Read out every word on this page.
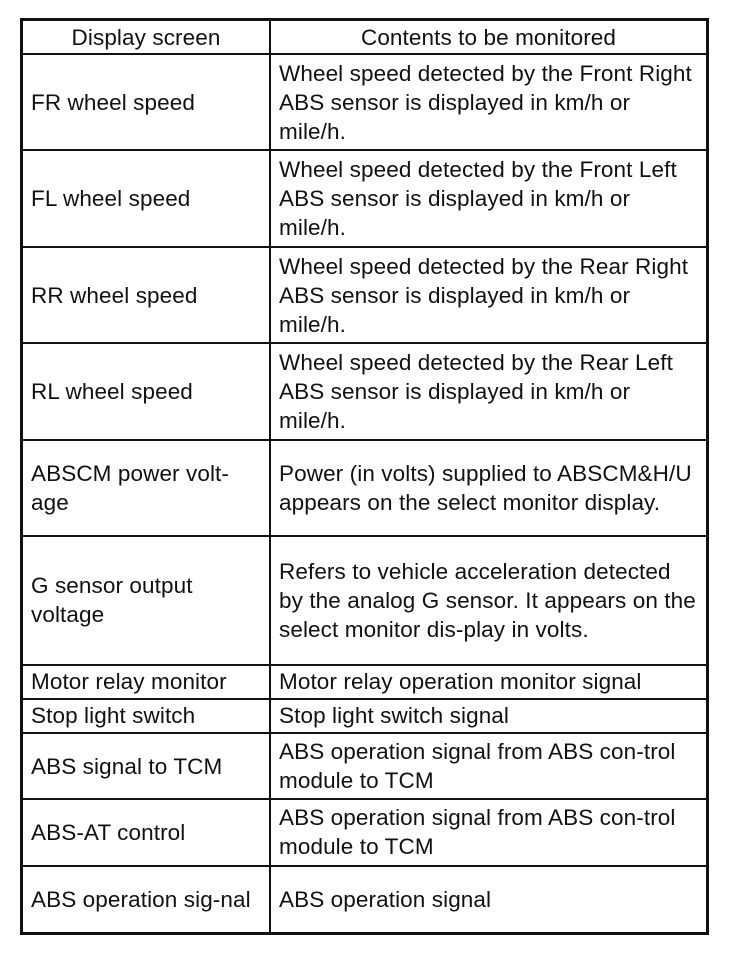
Display screen	Contents to be monitored
FR wheel speed	Wheel speed detected by the Front Right ABS sensor is displayed in km/h or mile/h.
FL wheel speed	Wheel speed detected by the Front Left ABS sensor is displayed in km/h or mile/h.
RR wheel speed	Wheel speed detected by the Rear Right ABS sensor is displayed in km/h or mile/h.
RL wheel speed	Wheel speed detected by the Rear Left ABS sensor is displayed in km/h or mile/h.
ABSCM power volt-age	Power (in volts) supplied to ABSCM&H/U appears on the select monitor display.
G sensor output voltage	Refers to vehicle acceleration detected by the analog G sensor. It appears on the select monitor dis-play in volts.
Motor relay monitor	Motor relay operation monitor signal
Stop light switch	Stop light switch signal
ABS signal to TCM	ABS operation signal from ABS con-trol module to TCM
ABS-AT control	ABS operation signal from ABS con-trol module to TCM
ABS operation sig-nal	ABS operation signal
